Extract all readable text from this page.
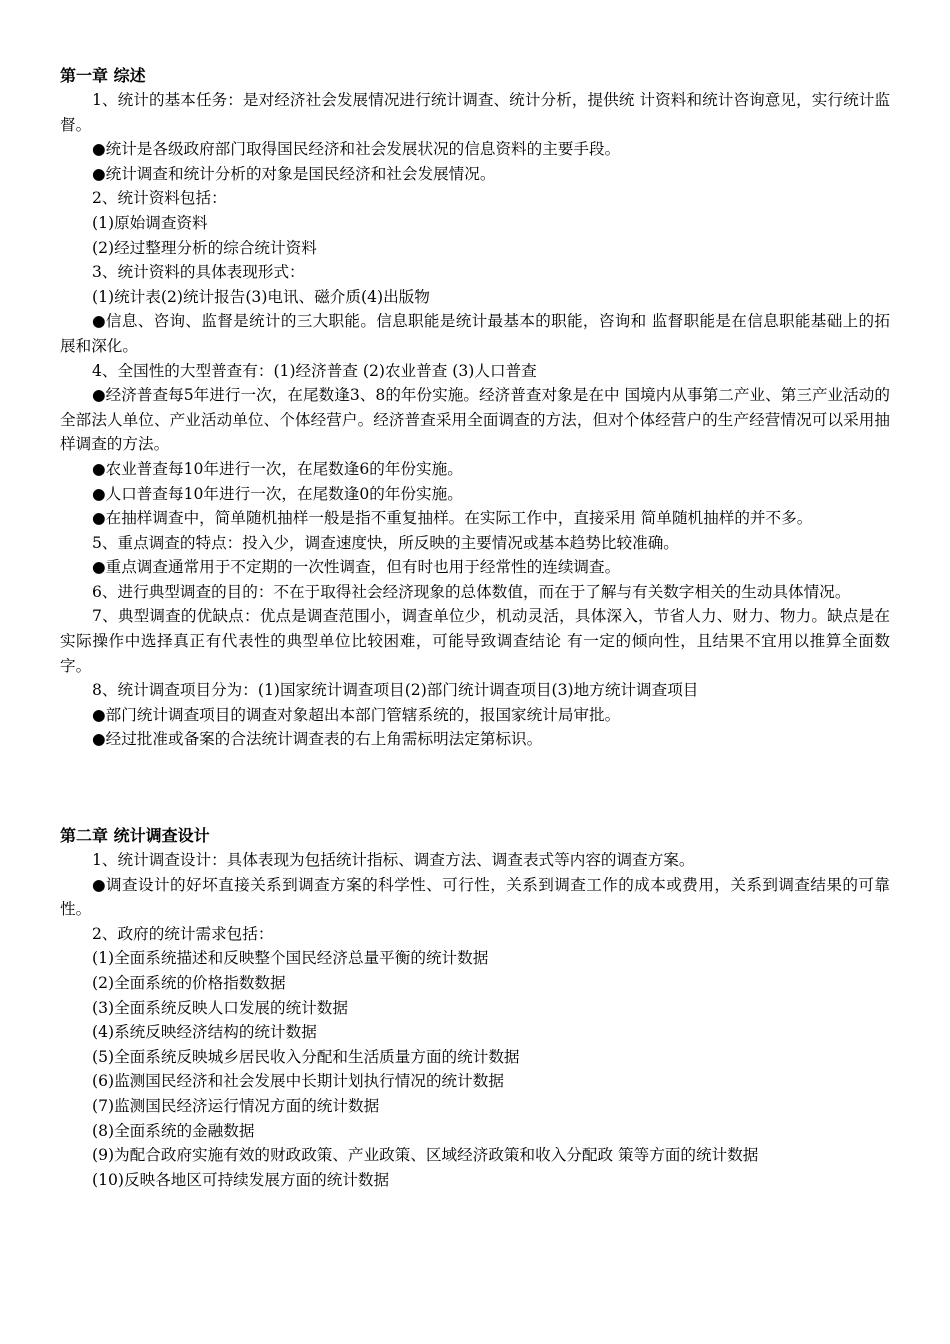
第一章 综述

1、统计的基本任务：是对经济社会发展情况进行统计调查、统计分析，提供统 计资料和统计咨询意见，实行统计监督。

●统计是各级政府部门取得国民经济和社会发展状况的信息资料的主要手段。

●统计调查和统计分析的对象是国民经济和社会发展情况。

2、统计资料包括：

(1)原始调查资料

(2)经过整理分析的综合统计资料

3、统计资料的具体表现形式：

(1)统计表(2)统计报告(3)电讯、磁介质(4)出版物

●信息、咨询、监督是统计的三大职能。信息职能是统计最基本的职能，咨询和 监督职能是在信息职能基础上的拓展和深化。

4、全国性的大型普查有：(1)经济普查 (2)农业普查 (3)人口普查

●经济普查每5年进行一次，在尾数逢3、8的年份实施。经济普查对象是在中 国境内从事第二产业、第三产业活动的全部法人单位、产业活动单位、个体经营户。经济普查采用全面调查的方法，但对个体经营户的生产经营情况可以采用抽 样调查的方法。

●农业普查每10年进行一次，在尾数逢6的年份实施。

●人口普查每10年进行一次，在尾数逢0的年份实施。

●在抽样调查中，简单随机抽样一般是指不重复抽样。在实际工作中，直接采用 简单随机抽样的并不多。

5、重点调查的特点：投入少，调查速度快，所反映的主要情况或基本趋势比较准确。

●重点调查通常用于不定期的一次性调查，但有时也用于经常性的连续调查。

6、进行典型调查的目的：不在于取得社会经济现象的总体数值，而在于了解与有关数字相关的生动具体情况。

7、典型调查的优缺点：优点是调查范围小，调查单位少，机动灵活，具体深入，节省人力、财力、物力。缺点是在实际操作中选择真正有代表性的典型单位比较困难，可能导致调查结论 有一定的倾向性，且结果不宜用以推算全面数字。

8、统计调查项目分为：(1)国家统计调查项目(2)部门统计调查项目(3)地方统计调查项目

●部门统计调查项目的调查对象超出本部门管辖系统的，报国家统计局审批。

●经过批准或备案的合法统计调查表的右上角需标明法定第标识。

第二章 统计调查设计

1、统计调查设计：具体表现为包括统计指标、调查方法、调查表式等内容的调查方案。

●调查设计的好坏直接关系到调查方案的科学性、可行性，关系到调查工作的成本或费用，关系到调查结果的可靠性。

2、政府的统计需求包括：

(1)全面系统描述和反映整个国民经济总量平衡的统计数据

(2)全面系统的价格指数数据

(3)全面系统反映人口发展的统计数据

(4)系统反映经济结构的统计数据

(5)全面系统反映城乡居民收入分配和生活质量方面的统计数据

(6)监测国民经济和社会发展中长期计划执行情况的统计数据

(7)监测国民经济运行情况方面的统计数据

(8)全面系统的金融数据

(9)为配合政府实施有效的财政政策、产业政策、区域经济政策和收入分配政 策等方面的统计数据

(10)反映各地区可持续发展方面的统计数据
